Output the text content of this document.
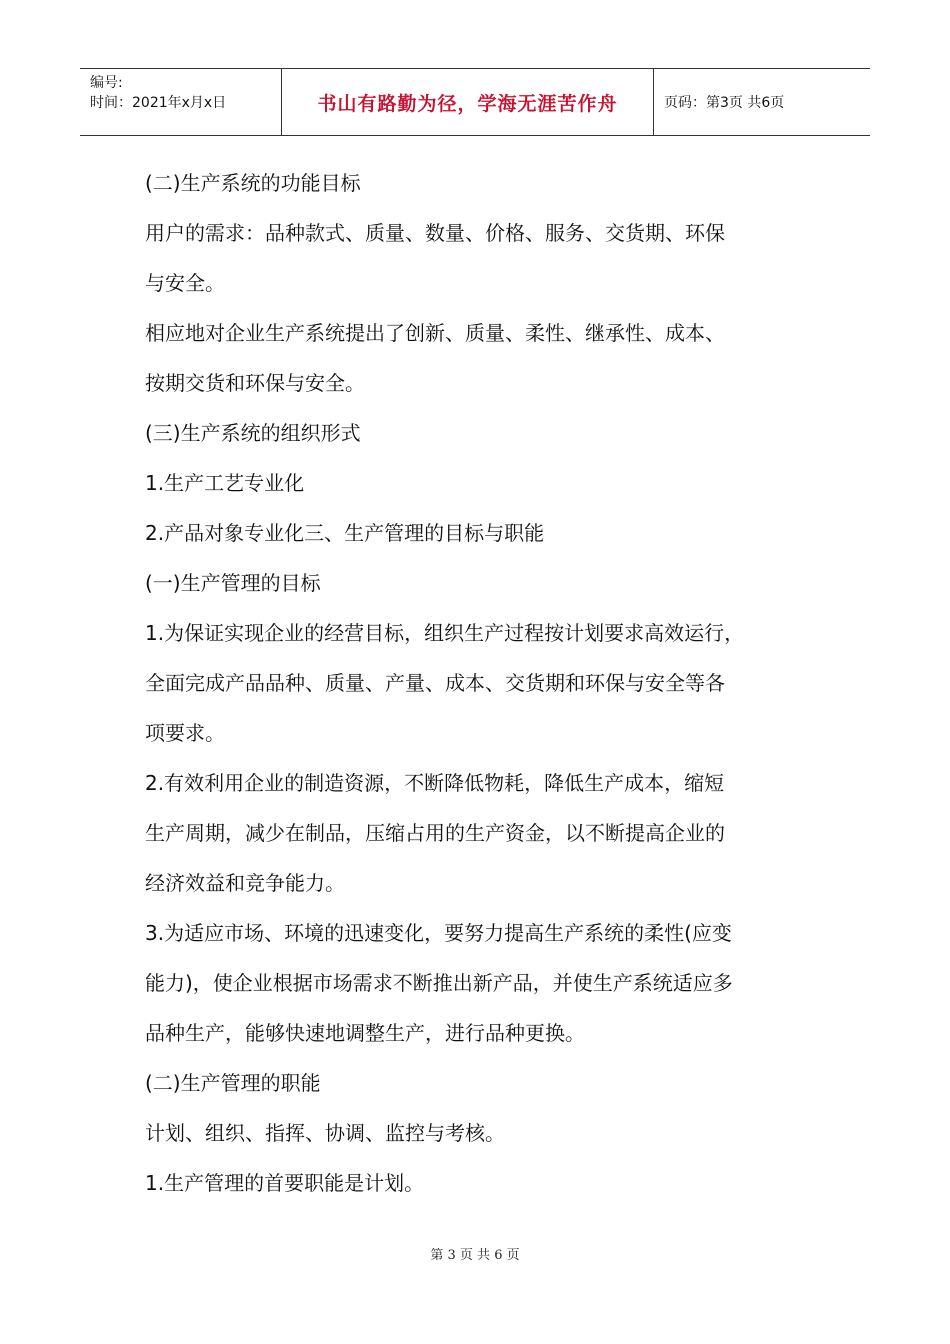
编号:
时间：2021年x月x日	书山有路勤为径，学海无涯苦作舟	页码：第3页 共6页
(二)生产系统的功能目标
用户的需求：品种款式、质量、数量、价格、服务、交货期、环保
与安全。
相应地对企业生产系统提出了创新、质量、柔性、继承性、成本、
按期交货和环保与安全。
(三)生产系统的组织形式
1.生产工艺专业化
2.产品对象专业化三、生产管理的目标与职能
(一)生产管理的目标
1.为保证实现企业的经营目标，组织生产过程按计划要求高效运行，
全面完成产品品种、质量、产量、成本、交货期和环保与安全等各
项要求。
2.有效利用企业的制造资源，不断降低物耗，降低生产成本，缩短
生产周期，减少在制品，压缩占用的生产资金，以不断提高企业的
经济效益和竞争能力。
3.为适应市场、环境的迅速变化，要努力提高生产系统的柔性(应变
能力)，使企业根据市场需求不断推出新产品，并使生产系统适应多
品种生产，能够快速地调整生产，进行品种更换。
(二)生产管理的职能
计划、组织、指挥、协调、监控与考核。
1.生产管理的首要职能是计划。
第 3 页 共 6 页
